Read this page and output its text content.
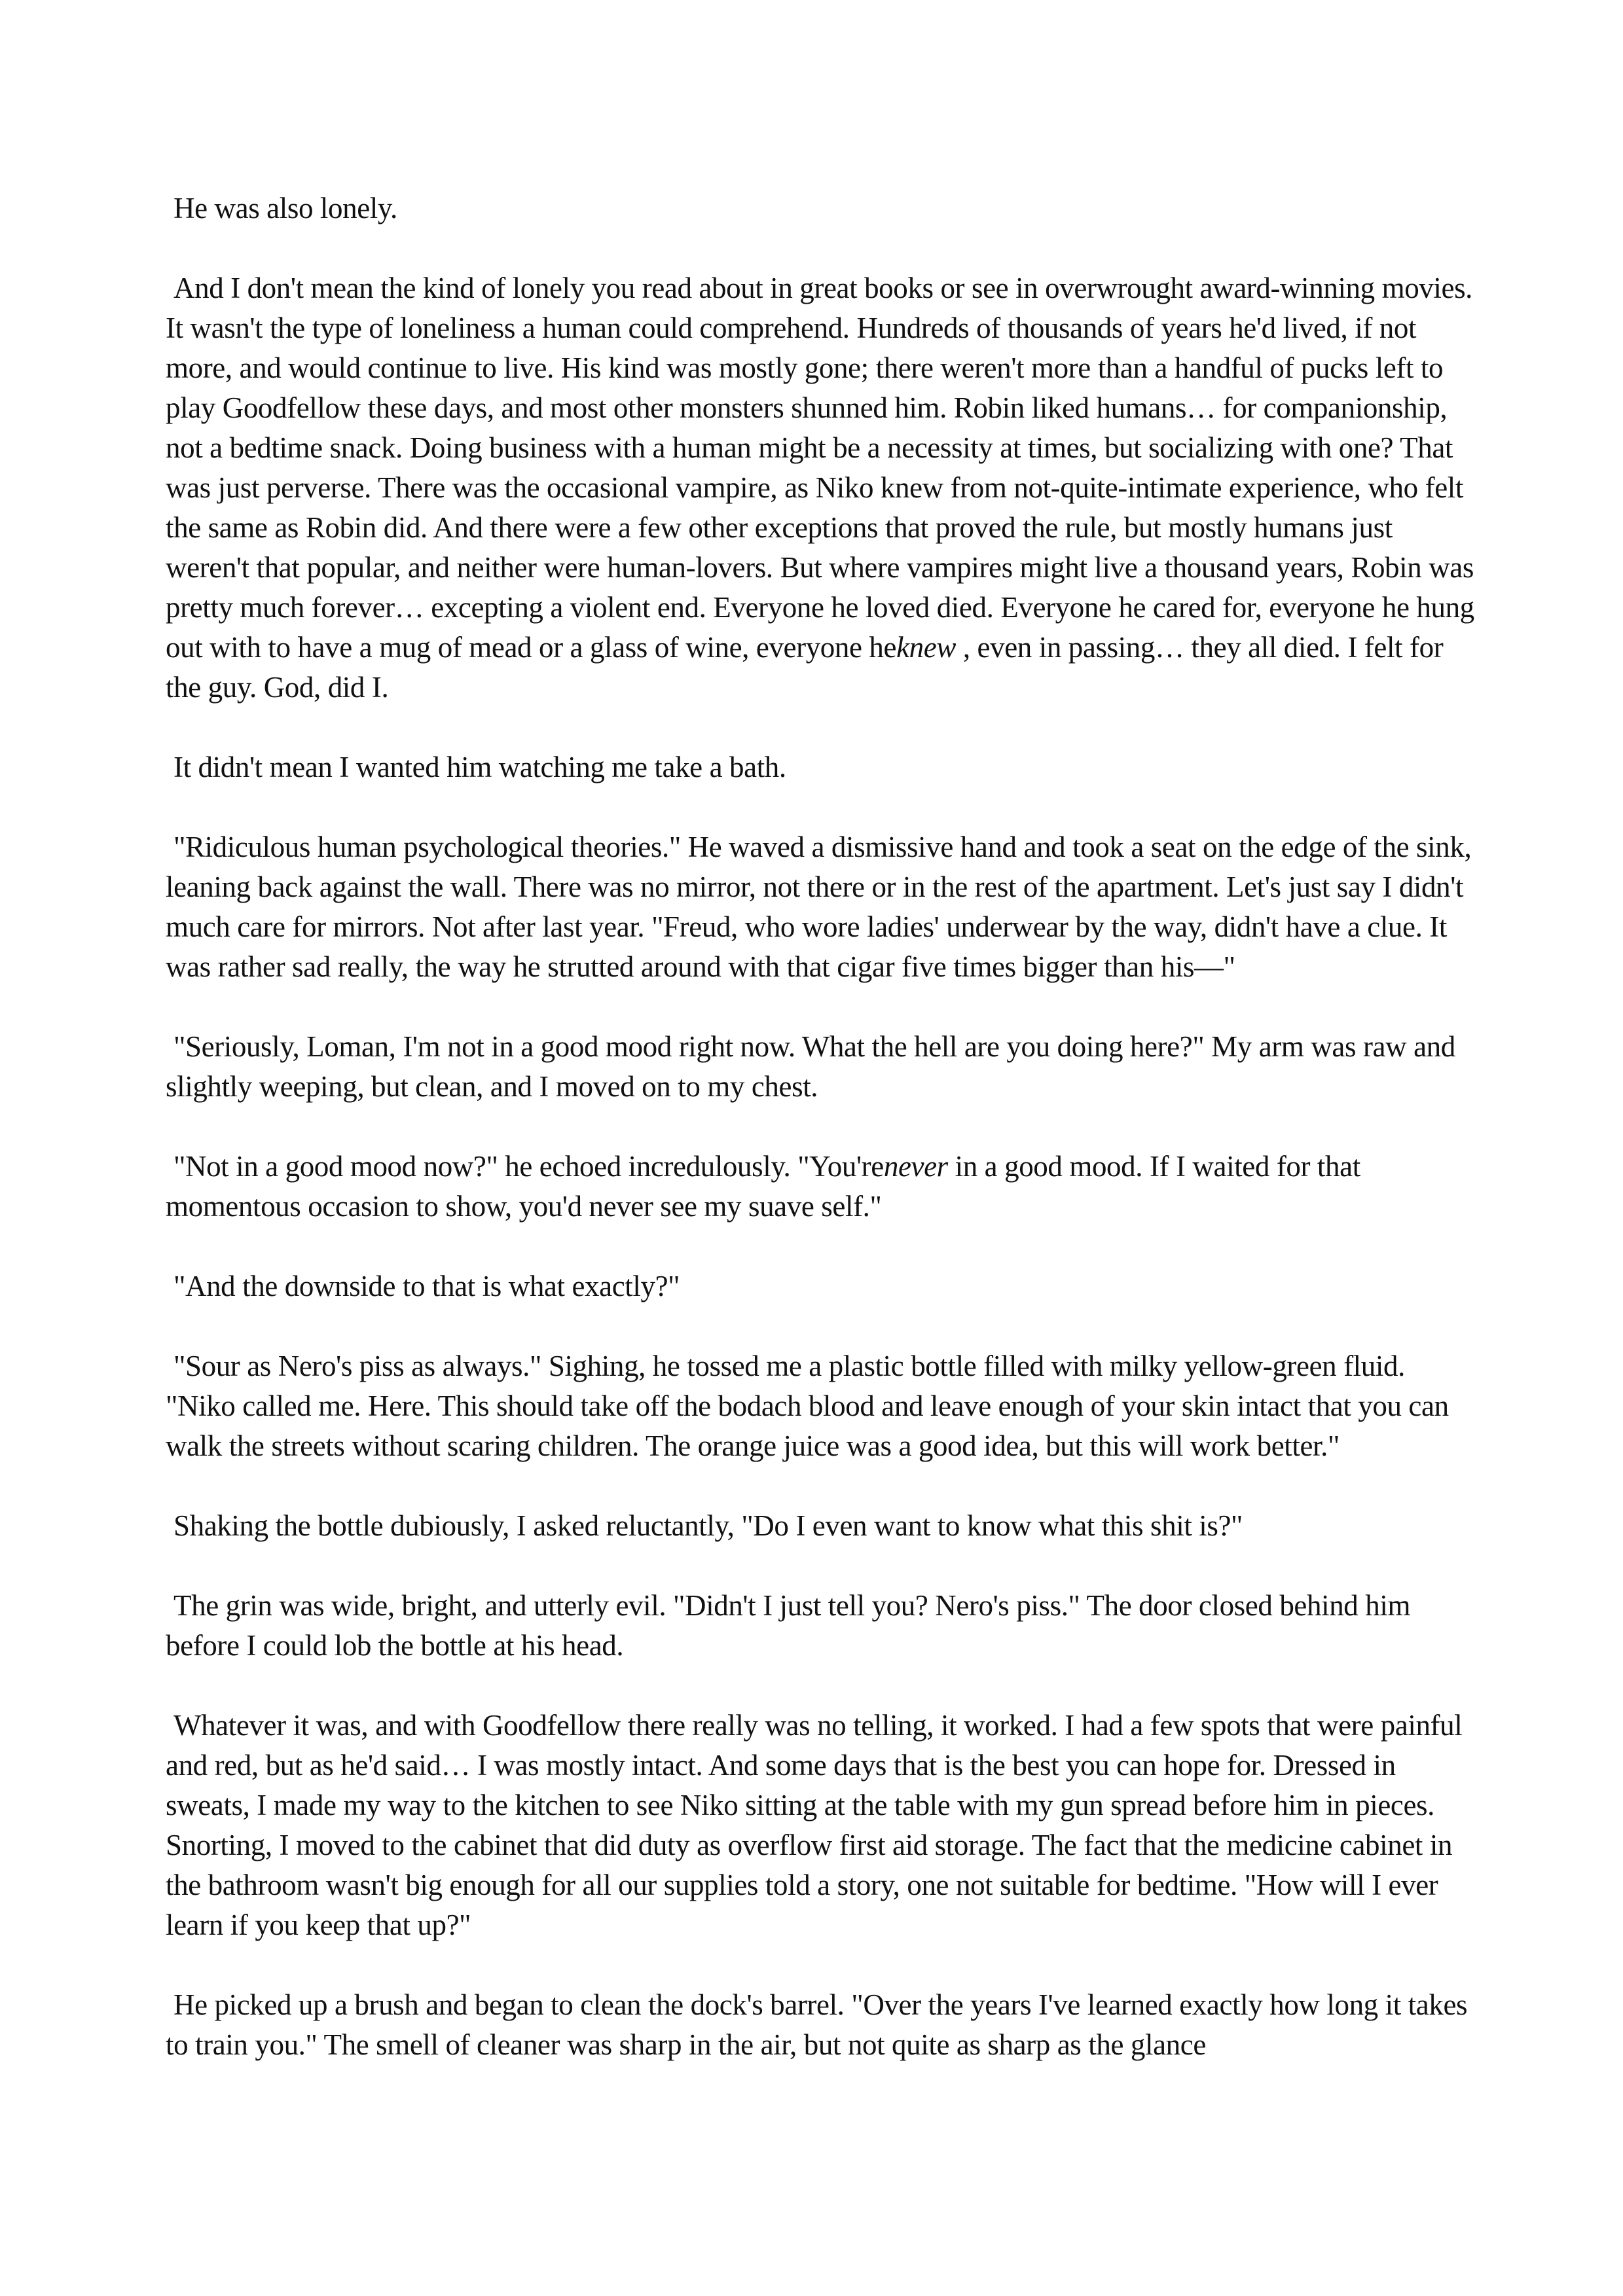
He was also lonely.

And I don't mean the kind of lonely you read about in great books or see in overwrought award-winning movies. It wasn't the type of loneliness a human could comprehend. Hundreds of thousands of years he'd lived, if not more, and would continue to live. His kind was mostly gone; there weren't more than a handful of pucks left to play Goodfellow these days, and most other monsters shunned him. Robin liked humans… for companionship, not a bedtime snack. Doing business with a human might be a necessity at times, but socializing with one? That was just perverse. There was the occasional vampire, as Niko knew from not-quite-intimate experience, who felt the same as Robin did. And there were a few other exceptions that proved the rule, but mostly humans just weren't that popular, and neither were human-lovers. But where vampires might live a thousand years, Robin was pretty much forever… excepting a violent end. Everyone he loved died. Everyone he cared for, everyone he hung out with to have a mug of mead or a glass of wine, everyone heknew , even in passing… they all died. I felt for the guy. God, did I.

It didn't mean I wanted him watching me take a bath.

"Ridiculous human psychological theories." He waved a dismissive hand and took a seat on the edge of the sink, leaning back against the wall. There was no mirror, not there or in the rest of the apartment. Let's just say I didn't much care for mirrors. Not after last year. "Freud, who wore ladies' underwear by the way, didn't have a clue. It was rather sad really, the way he strutted around with that cigar five times bigger than his—"

"Seriously, Loman, I'm not in a good mood right now. What the hell are you doing here?" My arm was raw and slightly weeping, but clean, and I moved on to my chest.

"Not in a good mood now?" he echoed incredulously. "You'renever in a good mood. If I waited for that momentous occasion to show, you'd never see my suave self."

"And the downside to that is what exactly?"

"Sour as Nero's piss as always." Sighing, he tossed me a plastic bottle filled with milky yellow-green fluid. "Niko called me. Here. This should take off the bodach blood and leave enough of your skin intact that you can walk the streets without scaring children. The orange juice was a good idea, but this will work better."

Shaking the bottle dubiously, I asked reluctantly, "Do I even want to know what this shit is?"

The grin was wide, bright, and utterly evil. "Didn't I just tell you? Nero's piss." The door closed behind him before I could lob the bottle at his head.

Whatever it was, and with Goodfellow there really was no telling, it worked. I had a few spots that were painful and red, but as he'd said… I was mostly intact. And some days that is the best you can hope for. Dressed in sweats, I made my way to the kitchen to see Niko sitting at the table with my gun spread before him in pieces. Snorting, I moved to the cabinet that did duty as overflow first aid storage. The fact that the medicine cabinet in the bathroom wasn't big enough for all our supplies told a story, one not suitable for bedtime. "How will I ever learn if you keep that up?"

He picked up a brush and began to clean the dock's barrel. "Over the years I've learned exactly how long it takes to train you." The smell of cleaner was sharp in the air, but not quite as sharp as the glance
